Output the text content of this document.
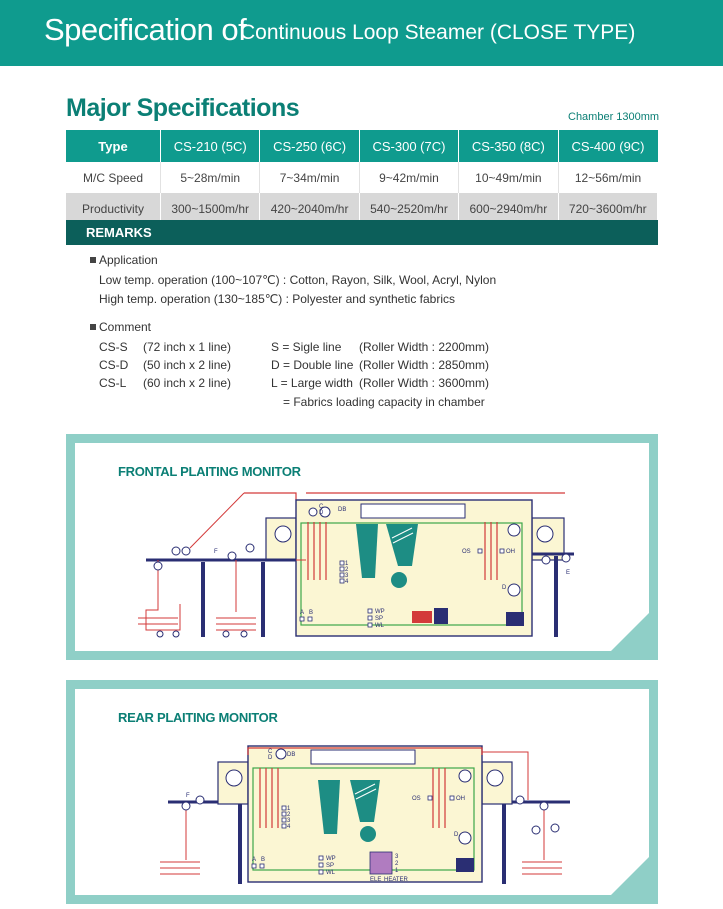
Specification of
Continuous Loop Steamer (CLOSE TYPE)
Major Specifications	Chamber 1300mm
Type	CS-210 (5C)	CS-250 (6C)	CS-300 (7C)	CS-350 (8C)	CS-400 (9C)
M/C Speed	5~28m/min	7~34m/min	9~42m/min	10~49m/min	12~56m/min
Productivity	300~1500m/hr	420~2040m/hr	540~2520m/hr	600~2940m/hr	720~3600m/hr
REMARKS
Application
Low temp. operation (100~107℃) : Cotton, Rayon, Silk, Wool, Acryl, Nylon
High temp. operation (130~185℃) : Polyester and synthetic fabrics
Comment
CS-S (72 inch x 1 line)	S = Sigle line (Roller Width : 2200mm)
CS-D (50 inch x 2 line)	D = Double line (Roller Width : 2850mm)
CS-L (60 inch x 2 line)	L = Large width (Roller Width : 3600mm)
= Fabrics loading capacity in chamber
FRONTAL PLAITING MONITOR
C
D DB
F
E
1
2
3
4
A B	WP
SP
WL
OS	OH
D
REAR PLAITING MONITOR
C
D DB
F
E
1
2
3
4
A B	WP
SP
WL
3
2
1
ELE HEATER
OS	OH
D
